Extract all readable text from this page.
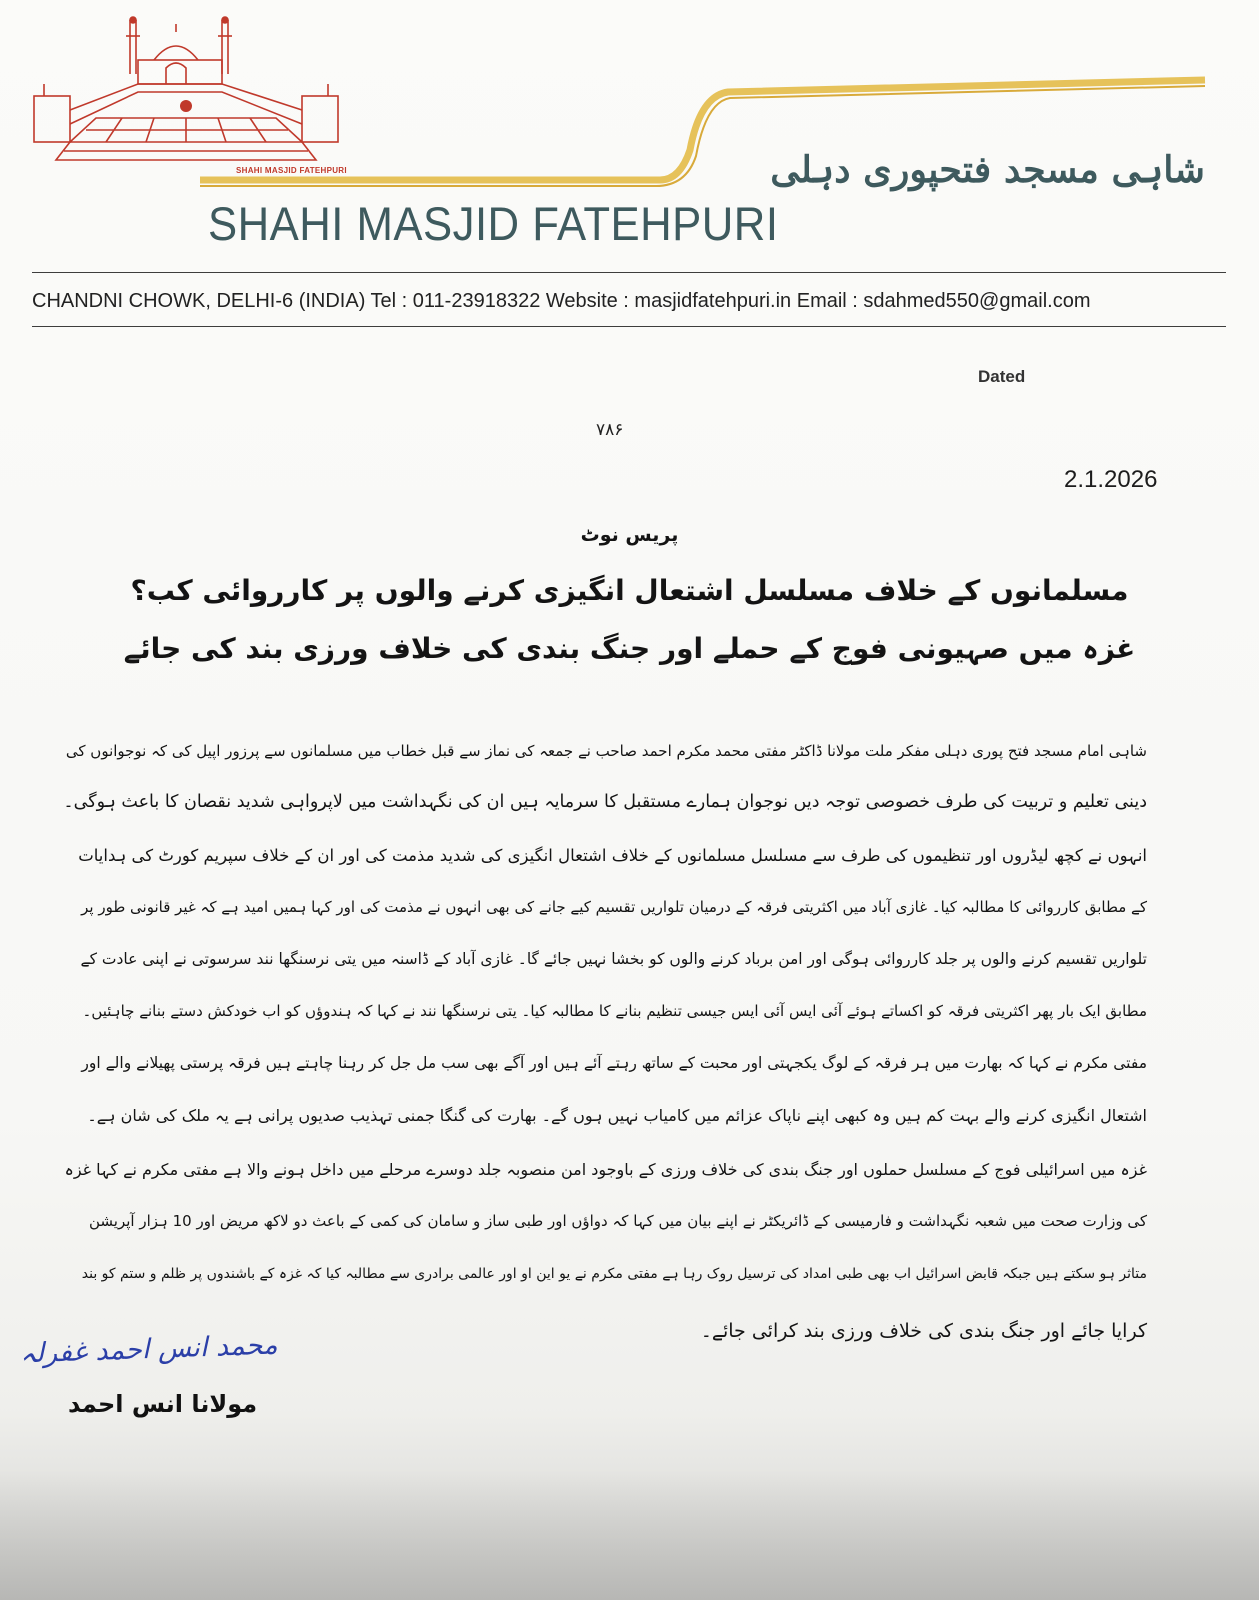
SHAHI MASJID FATEHPURI
SHAHI MASJID FATEHPURI
شاہی مسجد فتحپوری دہلی
CHANDNI CHOWK, DELHI-6 (INDIA) Tel : 011-23918322 Website : masjidfatehpuri.in Email : sdahmed550@gmail.com
Dated
۷۸۶
2.1.2026
پریس نوٹ
مسلمانوں کے خلاف مسلسل اشتعال انگیزی کرنے والوں پر کارروائی کب؟
غزہ میں صہیونی فوج کے حملے اور جنگ بندی کی خلاف ورزی بند کی جائے
شاہی امام مسجد فتح پوری دہلی مفکر ملت مولانا ڈاکٹر مفتی محمد مکرم احمد صاحب نے جمعہ کی نماز سے قبل خطاب میں مسلمانوں سے پرزور اپیل کی کہ نوجوانوں کی
دینی تعلیم و تربیت کی طرف خصوصی توجہ دیں نوجوان ہمارے مستقبل کا سرمایہ ہیں ان کی نگہداشت میں لاپرواہی شدید نقصان کا باعث ہوگی۔
انہوں نے کچھ لیڈروں اور تنظیموں کی طرف سے مسلسل مسلمانوں کے خلاف اشتعال انگیزی کی شدید مذمت کی اور ان کے خلاف سپریم کورٹ کی ہدایات
کے مطابق کارروائی کا مطالبہ کیا۔ غازی آباد میں اکثریتی فرقہ کے درمیان تلواریں تقسیم کیے جانے کی بھی انہوں نے مذمت کی اور کہا ہمیں امید ہے کہ غیر قانونی طور پر
تلواریں تقسیم کرنے والوں پر جلد کارروائی ہوگی اور امن برباد کرنے والوں کو بخشا نہیں جائے گا۔ غازی آباد کے ڈاسنہ میں یتی نرسنگھا نند سرسوتی نے اپنی عادت کے
مطابق ایک بار پھر اکثریتی فرقہ کو اکساتے ہوئے آئی ایس آئی ایس جیسی تنظیم بنانے کا مطالبہ کیا۔ یتی نرسنگھا نند نے کہا کہ ہندوؤں کو اب خودکش دستے بنانے چاہئیں۔
مفتی مکرم نے کہا کہ بھارت میں ہر فرقہ کے لوگ یکجہتی اور محبت کے ساتھ رہتے آئے ہیں اور آگے بھی سب مل جل کر رہنا چاہتے ہیں فرقہ پرستی پھیلانے والے اور
اشتعال انگیزی کرنے والے بہت کم ہیں وہ کبھی اپنے ناپاک عزائم میں کامیاب نہیں ہوں گے۔ بھارت کی گنگا جمنی تہذیب صدیوں پرانی ہے یہ ملک کی شان ہے۔
غزہ میں اسرائیلی فوج کے مسلسل حملوں اور جنگ بندی کی خلاف ورزی کے باوجود امن منصوبہ جلد دوسرے مرحلے میں داخل ہونے والا ہے مفتی مکرم نے کہا غزہ
کی وزارت صحت میں شعبہ نگہداشت و فارمیسی کے ڈائریکٹر نے اپنے بیان میں کہا کہ دواؤں اور طبی ساز و سامان کی کمی کے باعث دو لاکھ مریض اور 10 ہزار آپریشن
متاثر ہو سکتے ہیں جبکہ قابض اسرائیل اب بھی طبی امداد کی ترسیل روک رہا ہے مفتی مکرم نے یو این او اور عالمی برادری سے مطالبہ کیا کہ غزہ کے باشندوں پر ظلم و ستم کو بند
کرایا جائے اور جنگ بندی کی خلاف ورزی بند کرائی جائے۔
محمد انس احمد غفرلہ
مولانا انس احمد
